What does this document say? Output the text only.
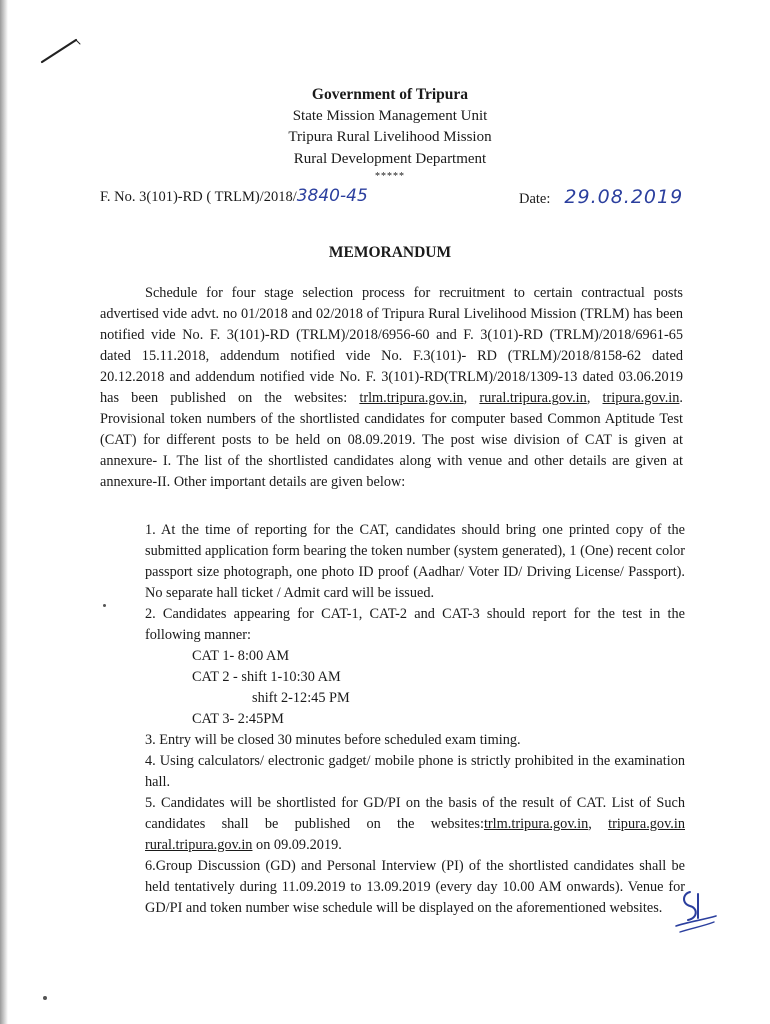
Government of Tripura
State Mission Management Unit
Tripura Rural Livelihood Mission
Rural Development Department
*****
F. No. 3(101)-RD ( TRLM)/2018/3840-45	Date: 29.08.2019
MEMORANDUM

Schedule for four stage selection process for recruitment to certain contractual posts advertised vide advt. no 01/2018 and 02/2018 of Tripura Rural Livelihood Mission (TRLM) has been notified vide No. F. 3(101)-RD (TRLM)/2018/6956-60 and F. 3(101)-RD (TRLM)/2018/6961-65 dated 15.11.2018, addendum notified vide No. F.3(101)- RD (TRLM)/2018/8158-62 dated 20.12.2018 and addendum notified vide No. F. 3(101)-RD(TRLM)/2018/1309-13 dated 03.06.2019 has been published on the websites: trlm.tripura.gov.in, rural.tripura.gov.in, tripura.gov.in. Provisional token numbers of the shortlisted candidates for computer based Common Aptitude Test (CAT) for different posts to be held on 08.09.2019. The post wise division of CAT is given at annexure- I. The list of the shortlisted candidates along with venue and other details are given at annexure-II. Other important details are given below:

1. At the time of reporting for the CAT, candidates should bring one printed copy of the submitted application form bearing the token number (system generated), 1 (One) recent color passport size photograph, one photo ID proof (Aadhar/ Voter ID/ Driving License/ Passport). No separate hall ticket / Admit card will be issued.

2. Candidates appearing for CAT-1, CAT-2 and CAT-3 should report for the test in the following manner:

CAT 1- 8:00 AM

CAT 2 - shift 1-10:30 AM

shift 2-12:45 PM

CAT 3- 2:45PM

3. Entry will be closed 30 minutes before scheduled exam timing.

4. Using calculators/ electronic gadget/ mobile phone is strictly prohibited in the examination hall.

5. Candidates will be shortlisted for GD/PI on the basis of the result of CAT. List of Such candidates shall be published on the websites:trlm.tripura.gov.in, tripura.gov.in rural.tripura.gov.in on 09.09.2019.

6.Group Discussion (GD) and Personal Interview (PI) of the shortlisted candidates shall be held tentatively during 11.09.2019 to 13.09.2019 (every day 10.00 AM onwards). Venue for GD/PI and token number wise schedule will be displayed on the aforementioned websites.
